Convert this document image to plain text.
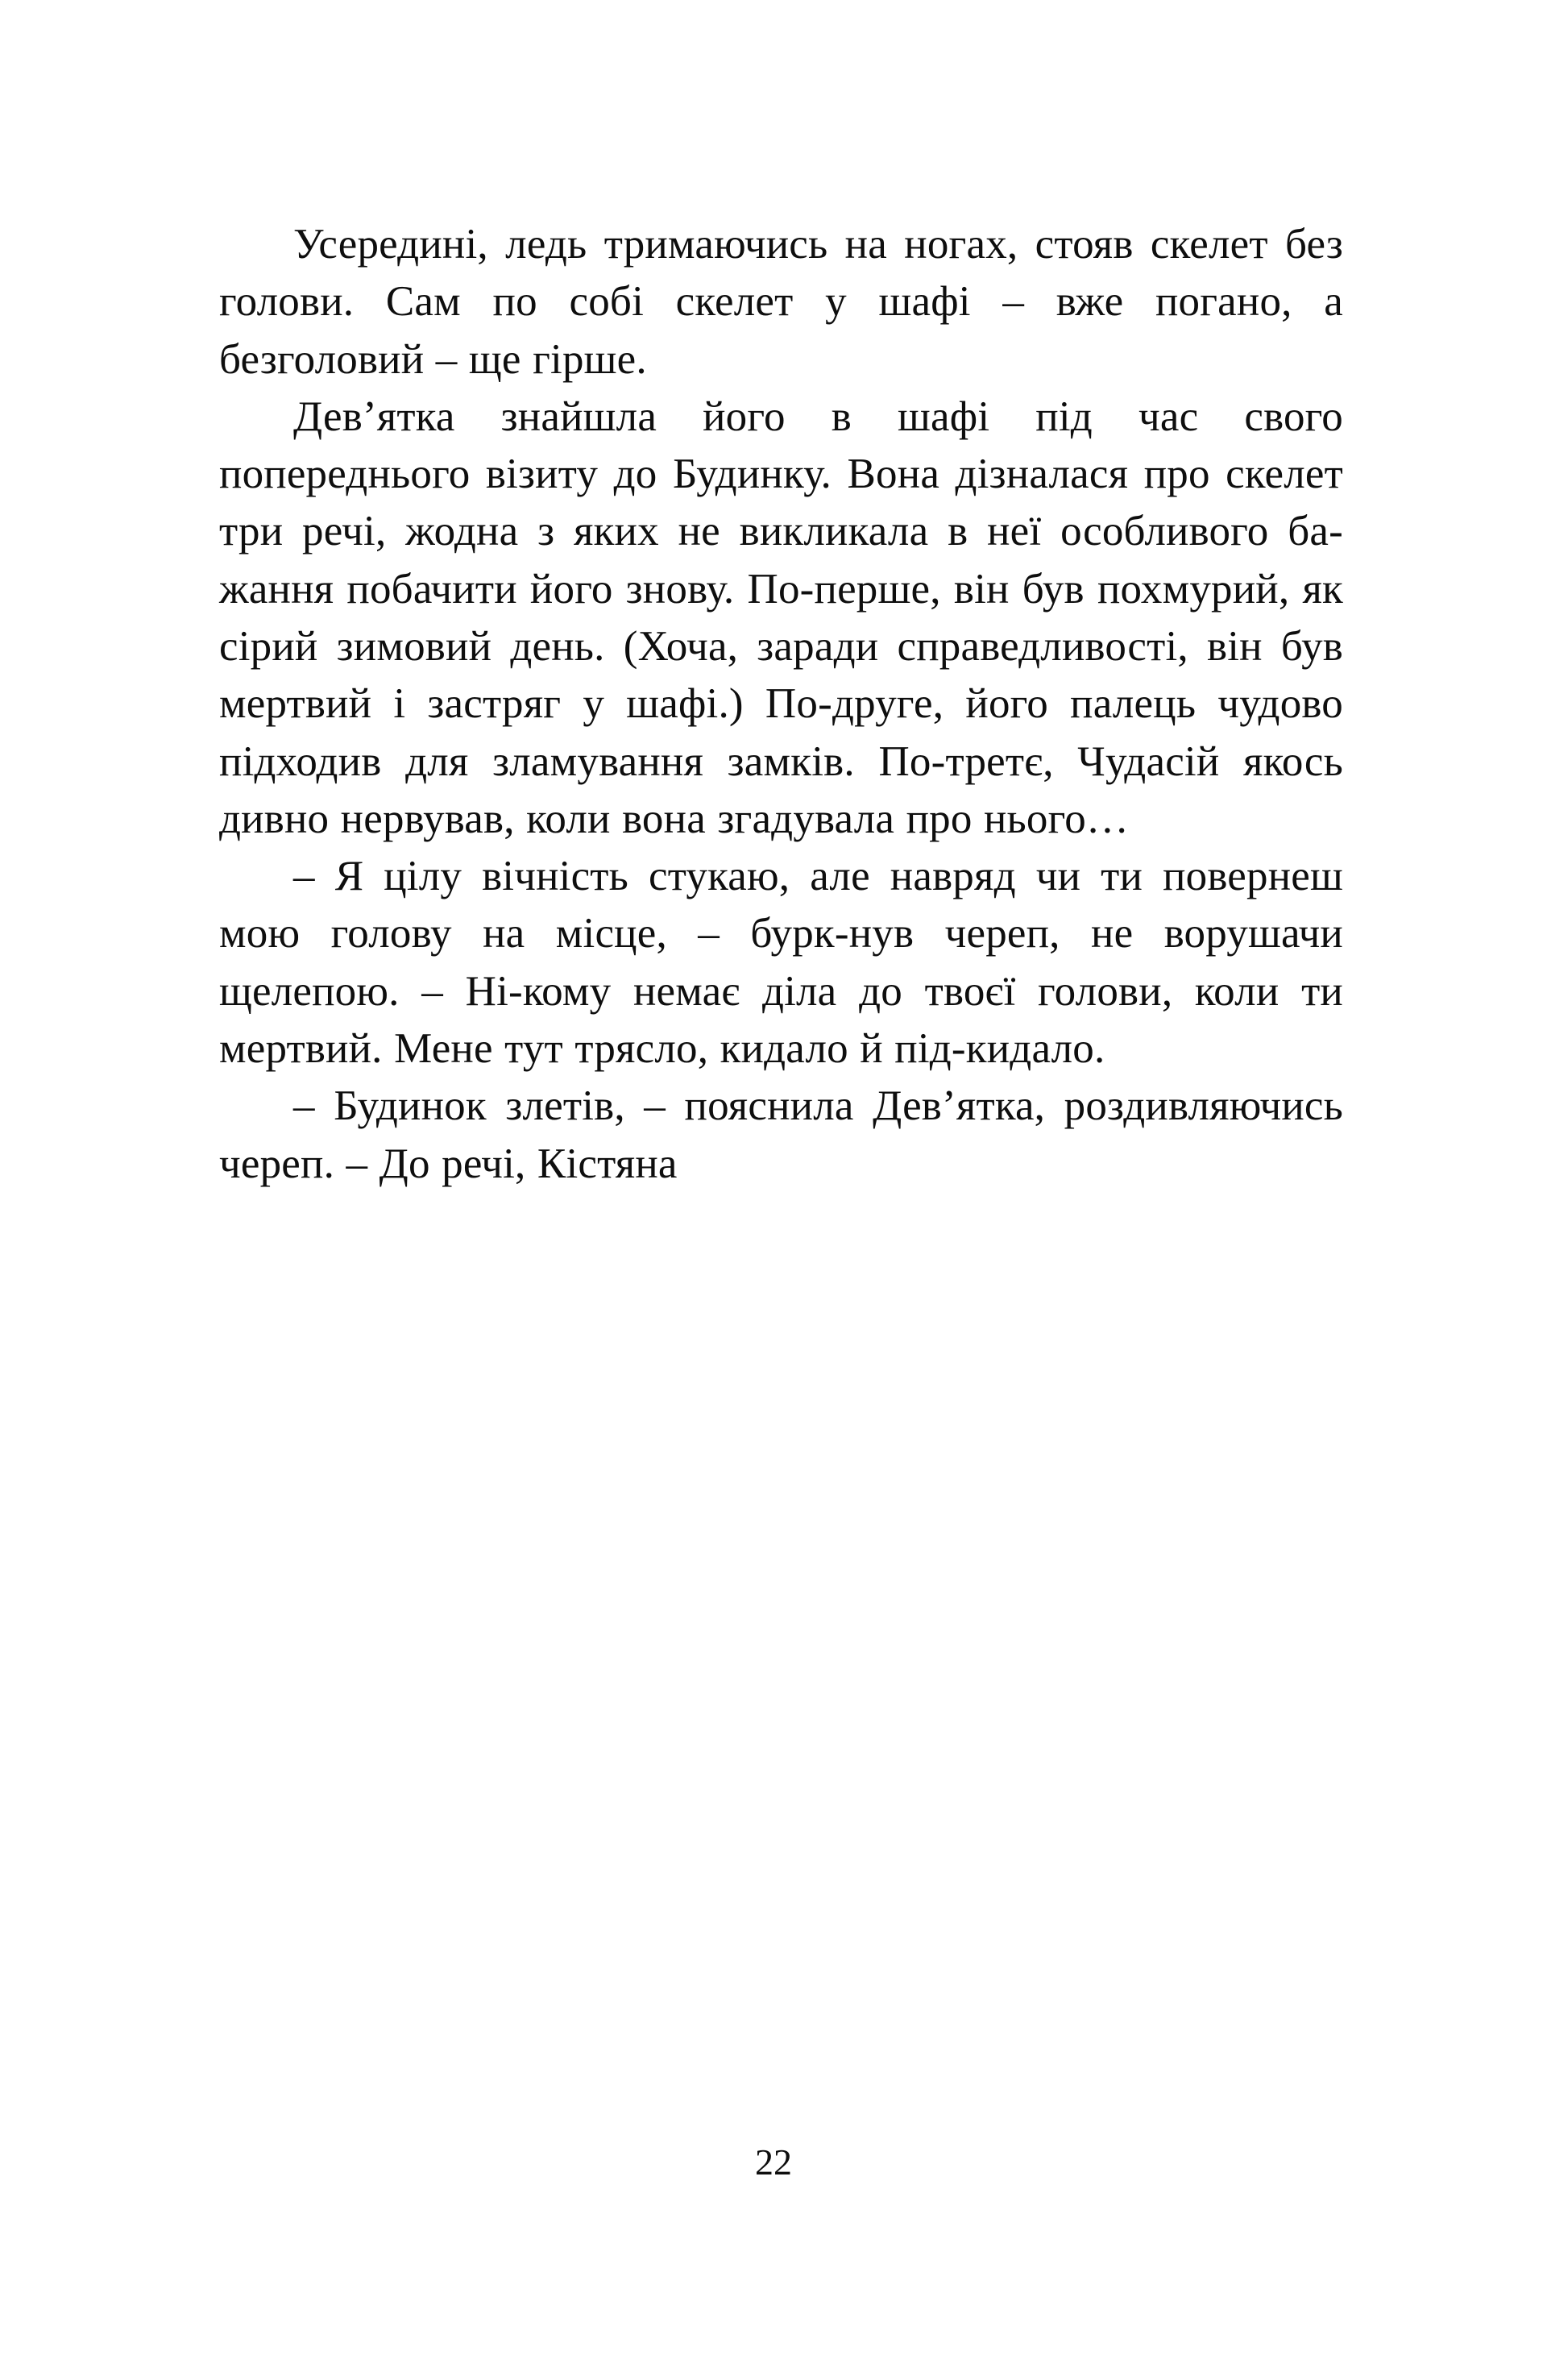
Усередині, ледь тримаючись на ногах, стояв скелет без голови. Сам по собі скелет у шафі – вже погано, а безголовий – ще гірше.

Дев’ятка знайшла його в шафі під час свого попереднього візиту до Будинку. Вона дізналася про скелет три речі, жодна з яких не викликала в неї особливого ба-жання побачити його знову. По-перше, він був похмурий, як сірий зимовий день. (Хоча, заради справедливості, він був мертвий і застряг у шафі.) По-друге, його палець чудово підходив для зламування замків. По-третє, Чудасій якось дивно нервував, коли вона згадувала про нього…

– Я цілу вічність стукаю, але навряд чи ти повернеш мою голову на місце, – бурк-нув череп, не ворушачи щелепою. – Ні-кому немає діла до твоєї голови, коли ти мертвий. Мене тут трясло, кидало й під-кидало.

– Будинок злетів, – пояснила Дев’ятка, роздивляючись череп. – До речі, Кістяна

22
